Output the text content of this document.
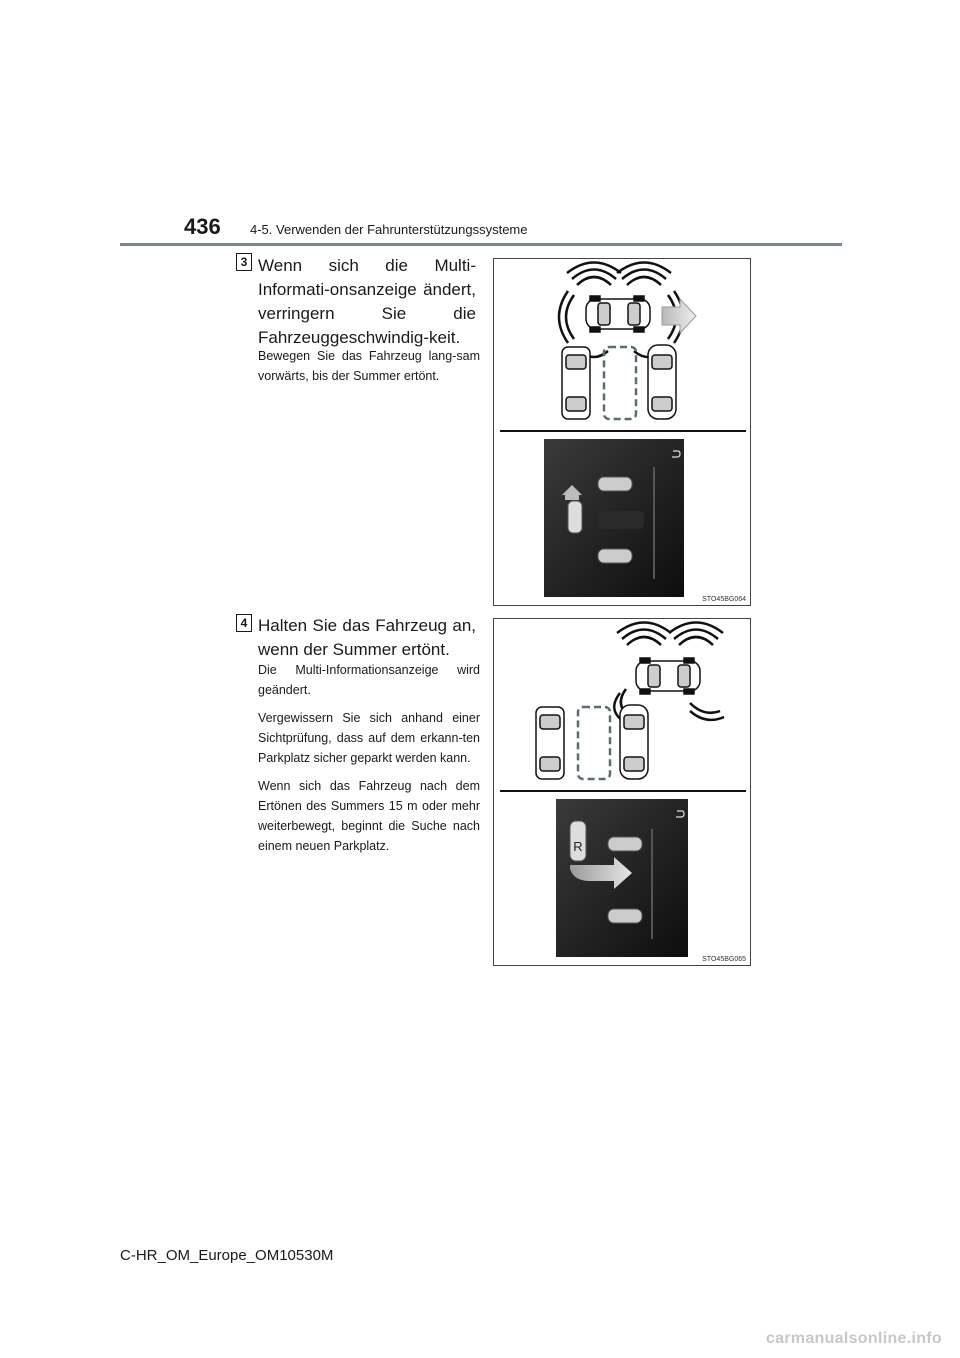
436 4-5. Verwenden der Fahrunterstützungssysteme
3 Wenn sich die Multi-Informati-onsanzeige ändert, verringern Sie die Fahrzeuggeschwindig-keit.

Bewegen Sie das Fahrzeug lang-sam vorwärts, bis der Summer ertönt.

STO45BG064
4 Halten Sie das Fahrzeug an, wenn der Summer ertönt.

Die Multi-Informationsanzeige wird geändert.

Vergewissern Sie sich anhand einer Sichtprüfung, dass auf dem erkann-ten Parkplatz sicher geparkt werden kann.

Wenn sich das Fahrzeug nach dem Ertönen des Summers 15 m oder mehr weiterbewegt, beginnt die Suche nach einem neuen Parkplatz.	R
STO45BG065
C-HR_OM_Europe_OM10530M
carmanualsonline.info
